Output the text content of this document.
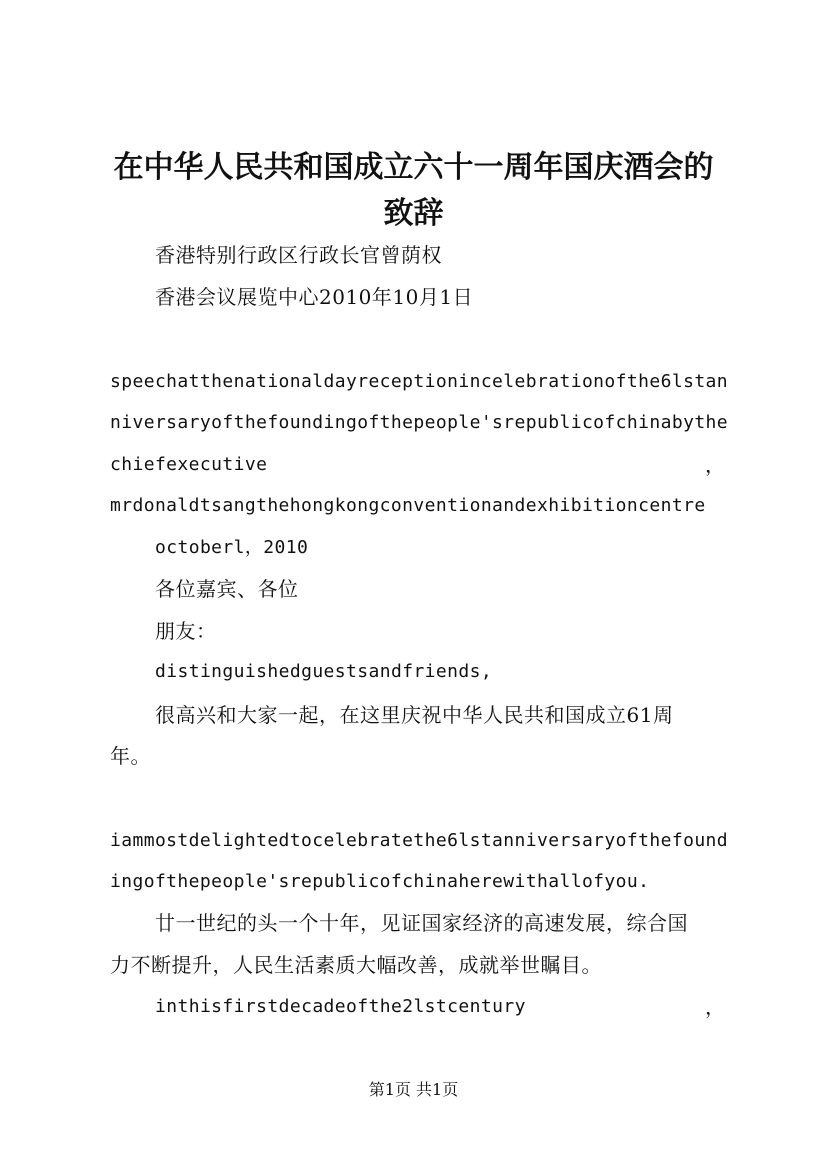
在中华人民共和国成立六十一周年国庆酒会的
致辞
香港特别行政区行政长官曾荫权
香港会议展览中心2010年10月1日
speechatthenationaldayreceptionincelebrationofthe6lstan
niversaryofthefoundingofthepeople'srepublicofchinabythe
chiefexecutive	，
mrdonaldtsangthehongkongconventionandexhibitioncentre
octoberl，2010
各位嘉宾、各位
朋友：
distinguishedguestsandfriends,
很高兴和大家一起，在这里庆祝中华人民共和国成立61周
年。
iammostdelightedtocelebratethe6lstanniversaryofthefound
ingofthepeople'srepublicofchinaherewithallofyou.
廿一世纪的头一个十年，见证国家经济的高速发展，综合国
力不断提升，人民生活素质大幅改善，成就举世瞩目。
inthisfirstdecadeofthe2lstcentury	，
第1页 共1页
